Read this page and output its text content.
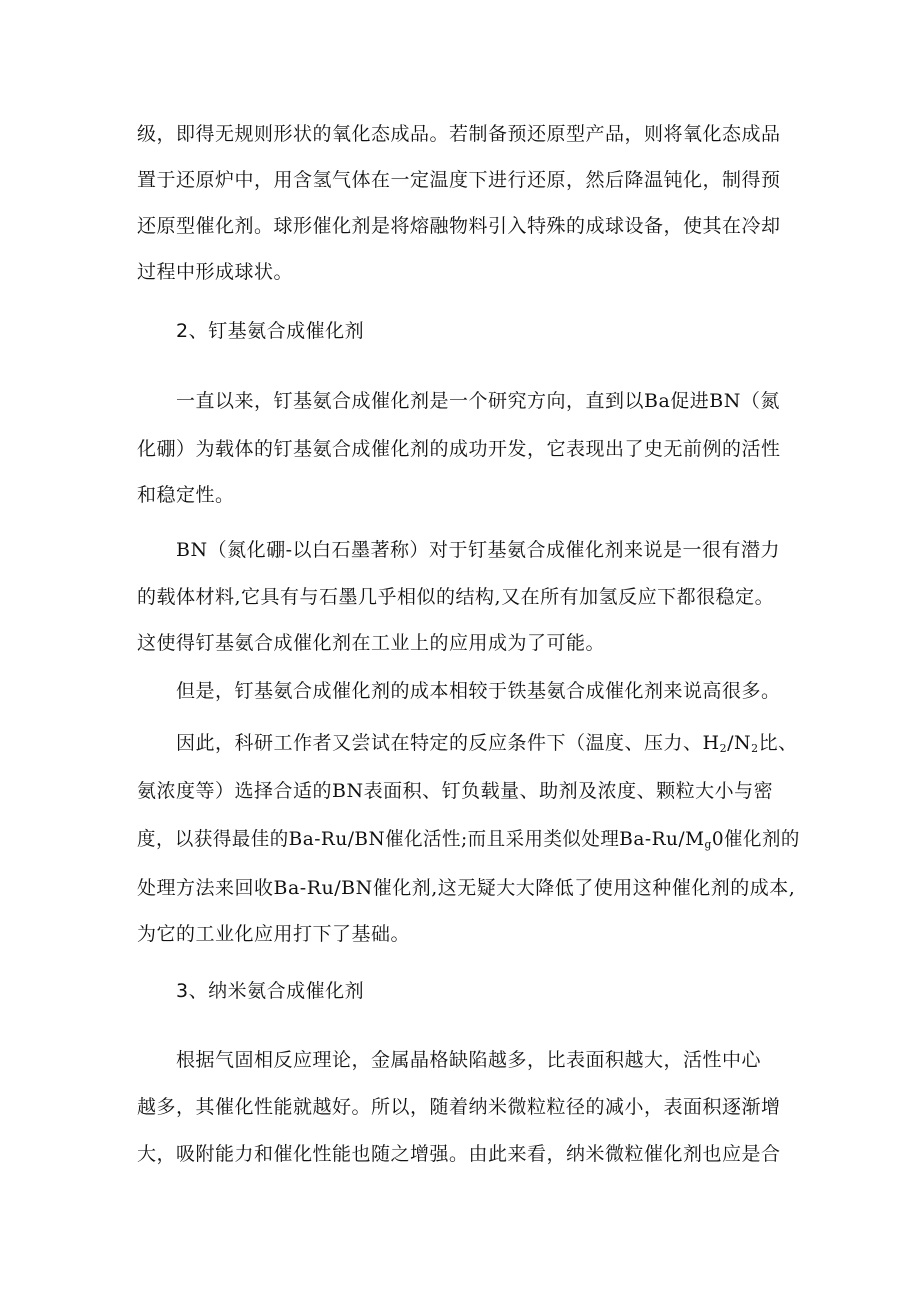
级，即得无规则形状的氧化态成品。若制备预还原型产品，则将氧化态成品
置于还原炉中，用含氢气体在一定温度下进行还原，然后降温钝化，制得预
还原型催化剂。球形催化剂是将熔融物料引入特殊的成球设备，使其在冷却
过程中形成球状。
2、钉基氨合成催化剂
一直以来，钉基氨合成催化剂是一个研究方向，直到以Ba促进BN（氮
化硼）为载体的钉基氨合成催化剂的成功开发，它表现出了史无前例的活性
和稳定性。
BN（氮化硼-以白石墨著称）对于钉基氨合成催化剂来说是一很有潜力
的载体材料,它具有与石墨几乎相似的结构,又在所有加氢反应下都很稳定。
这使得钉基氨合成催化剂在工业上的应用成为了可能。
但是，钉基氨合成催化剂的成本相较于铁基氨合成催化剂来说高很多。
因此，科研工作者又尝试在特定的反应条件下（温度、压力、$H_2/N_2$比、
氨浓度等）选择合适的BN表面积、钉负载量、助剂及浓度、颗粒大小与密
度，以获得最佳的Ba-Ru/BN催化活性;而且采用类似处理$Ba-Ru/M_g0$催化剂的
处理方法来回收Ba-Ru/BN催化剂,这无疑大大降低了使用这种催化剂的成本,
为它的工业化应用打下了基础。
3、纳米氨合成催化剂
根据气固相反应理论，金属晶格缺陷越多，比表面积越大，活性中心
越多，其催化性能就越好。所以，随着纳米微粒粒径的减小，表面积逐渐增
大，吸附能力和催化性能也随之增强。由此来看，纳米微粒催化剂也应是合
